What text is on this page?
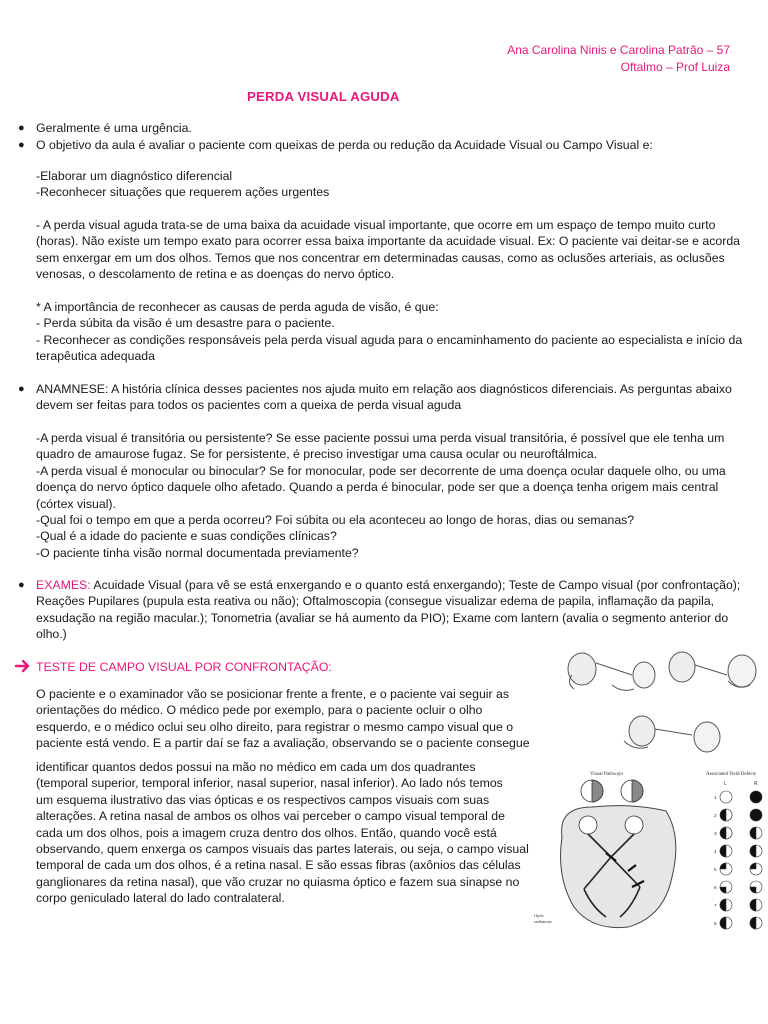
Ana Carolina Ninis e Carolina Patrão – 57
Oftalmo – Prof Luiza
PERDA VISUAL AGUDA
● Geralmente é uma urgência.
● O objetivo da aula é avaliar o paciente com queixas de perda ou redução da Acuidade Visual ou Campo Visual e:
-Elaborar um diagnóstico diferencial
-Reconhecer situações que requerem ações urgentes
- A perda visual aguda trata-se de uma baixa da acuidade visual importante, que ocorre em um espaço de tempo muito curto
(horas). Não existe um tempo exato para ocorrer essa baixa importante da acuidade visual. Ex: O paciente vai deitar-se e acorda
sem enxergar em um dos olhos. Temos que nos concentrar em determinadas causas, como as oclusões arteriais, as oclusões
venosas, o descolamento de retina e as doenças do nervo óptico.
* A importância de reconhecer as causas de perda aguda de visão, é que:
- Perda súbita da visão é um desastre para o paciente.
- Reconhecer as condições responsáveis pela perda visual aguda para o encaminhamento do paciente ao especialista e início da
terapêutica adequada
● ANAMNESE: A história clínica desses pacientes nos ajuda muito em relação aos diagnósticos diferenciais. As perguntas abaixo
devem ser feitas para todos os pacientes com a queixa de perda visual aguda
-A perda visual é transitória ou persistente? Se esse paciente possui uma perda visual transitória, é possível que ele tenha um
quadro de amaurose fugaz. Se for persistente, é preciso investigar uma causa ocular ou neuroftálmica.
-A perda visual é monocular ou binocular? Se for monocular, pode ser decorrente de uma doença ocular daquele olho, ou uma
doença do nervo óptico daquele olho afetado. Quando a perda é binocular, pode ser que a doença tenha origem mais central
(córtex visual).
-Qual foi o tempo em que a perda ocorreu? Foi súbita ou ela aconteceu ao longo de horas, dias ou semanas?
-Qual é a idade do paciente e suas condições clínicas?
-O paciente tinha visão normal documentada previamente?
● EXAMES: Acuidade Visual (para vê se está enxergando e o quanto está enxergando); Teste de Campo visual (por confrontação);
Reações Pupilares (pupula esta reativa ou não); Oftalmoscopia (consegue visualizar edema de papila, inflamação da papila,
exsudação na região macular.); Tonometria (avaliar se há aumento da PIO); Exame com lantern (avalia o segmento anterior do
olho.)
TESTE DE CAMPO VISUAL POR CONFRONTAÇÃO:
O paciente e o examinador vão se posicionar frente a frente, e o paciente vai seguir as
orientações do médico. O médico pede por exemplo, para o paciente ocluir o olho
esquerdo, e o médico oclui seu olho direito, para registrar o mesmo campo visual que o
paciente está vendo. E a partir daí se faz a avaliação, observando se o paciente consegue
identificar quantos dedos possui na mão no médico em cada um dos quadrantes
(temporal superior, temporal inferior, nasal superior, nasal inferior). Ao lado nós temos
um esquema ilustrativo das vias ópticas e os respectivos campos visuais com suas
alterações. A retina nasal de ambos os olhos vai perceber o campo visual temporal de
cada um dos olhos, pois a imagem cruza dentro dos olhos. Então, quando você está
observando, quem enxerga os campos visuais das partes laterais, ou seja, o campo visual
temporal de cada um dos olhos, é a retina nasal. E são essas fibras (axônios das células
ganglionares da retina nasal), que vão cruzar no quiasma óptico e fazem sua sinapse no
corpo geniculado lateral do lado contralateral.
Visual Pathways	Associated Field Defects
Optic
radiations
L	R
1
2
3
4
5
6
7
8
